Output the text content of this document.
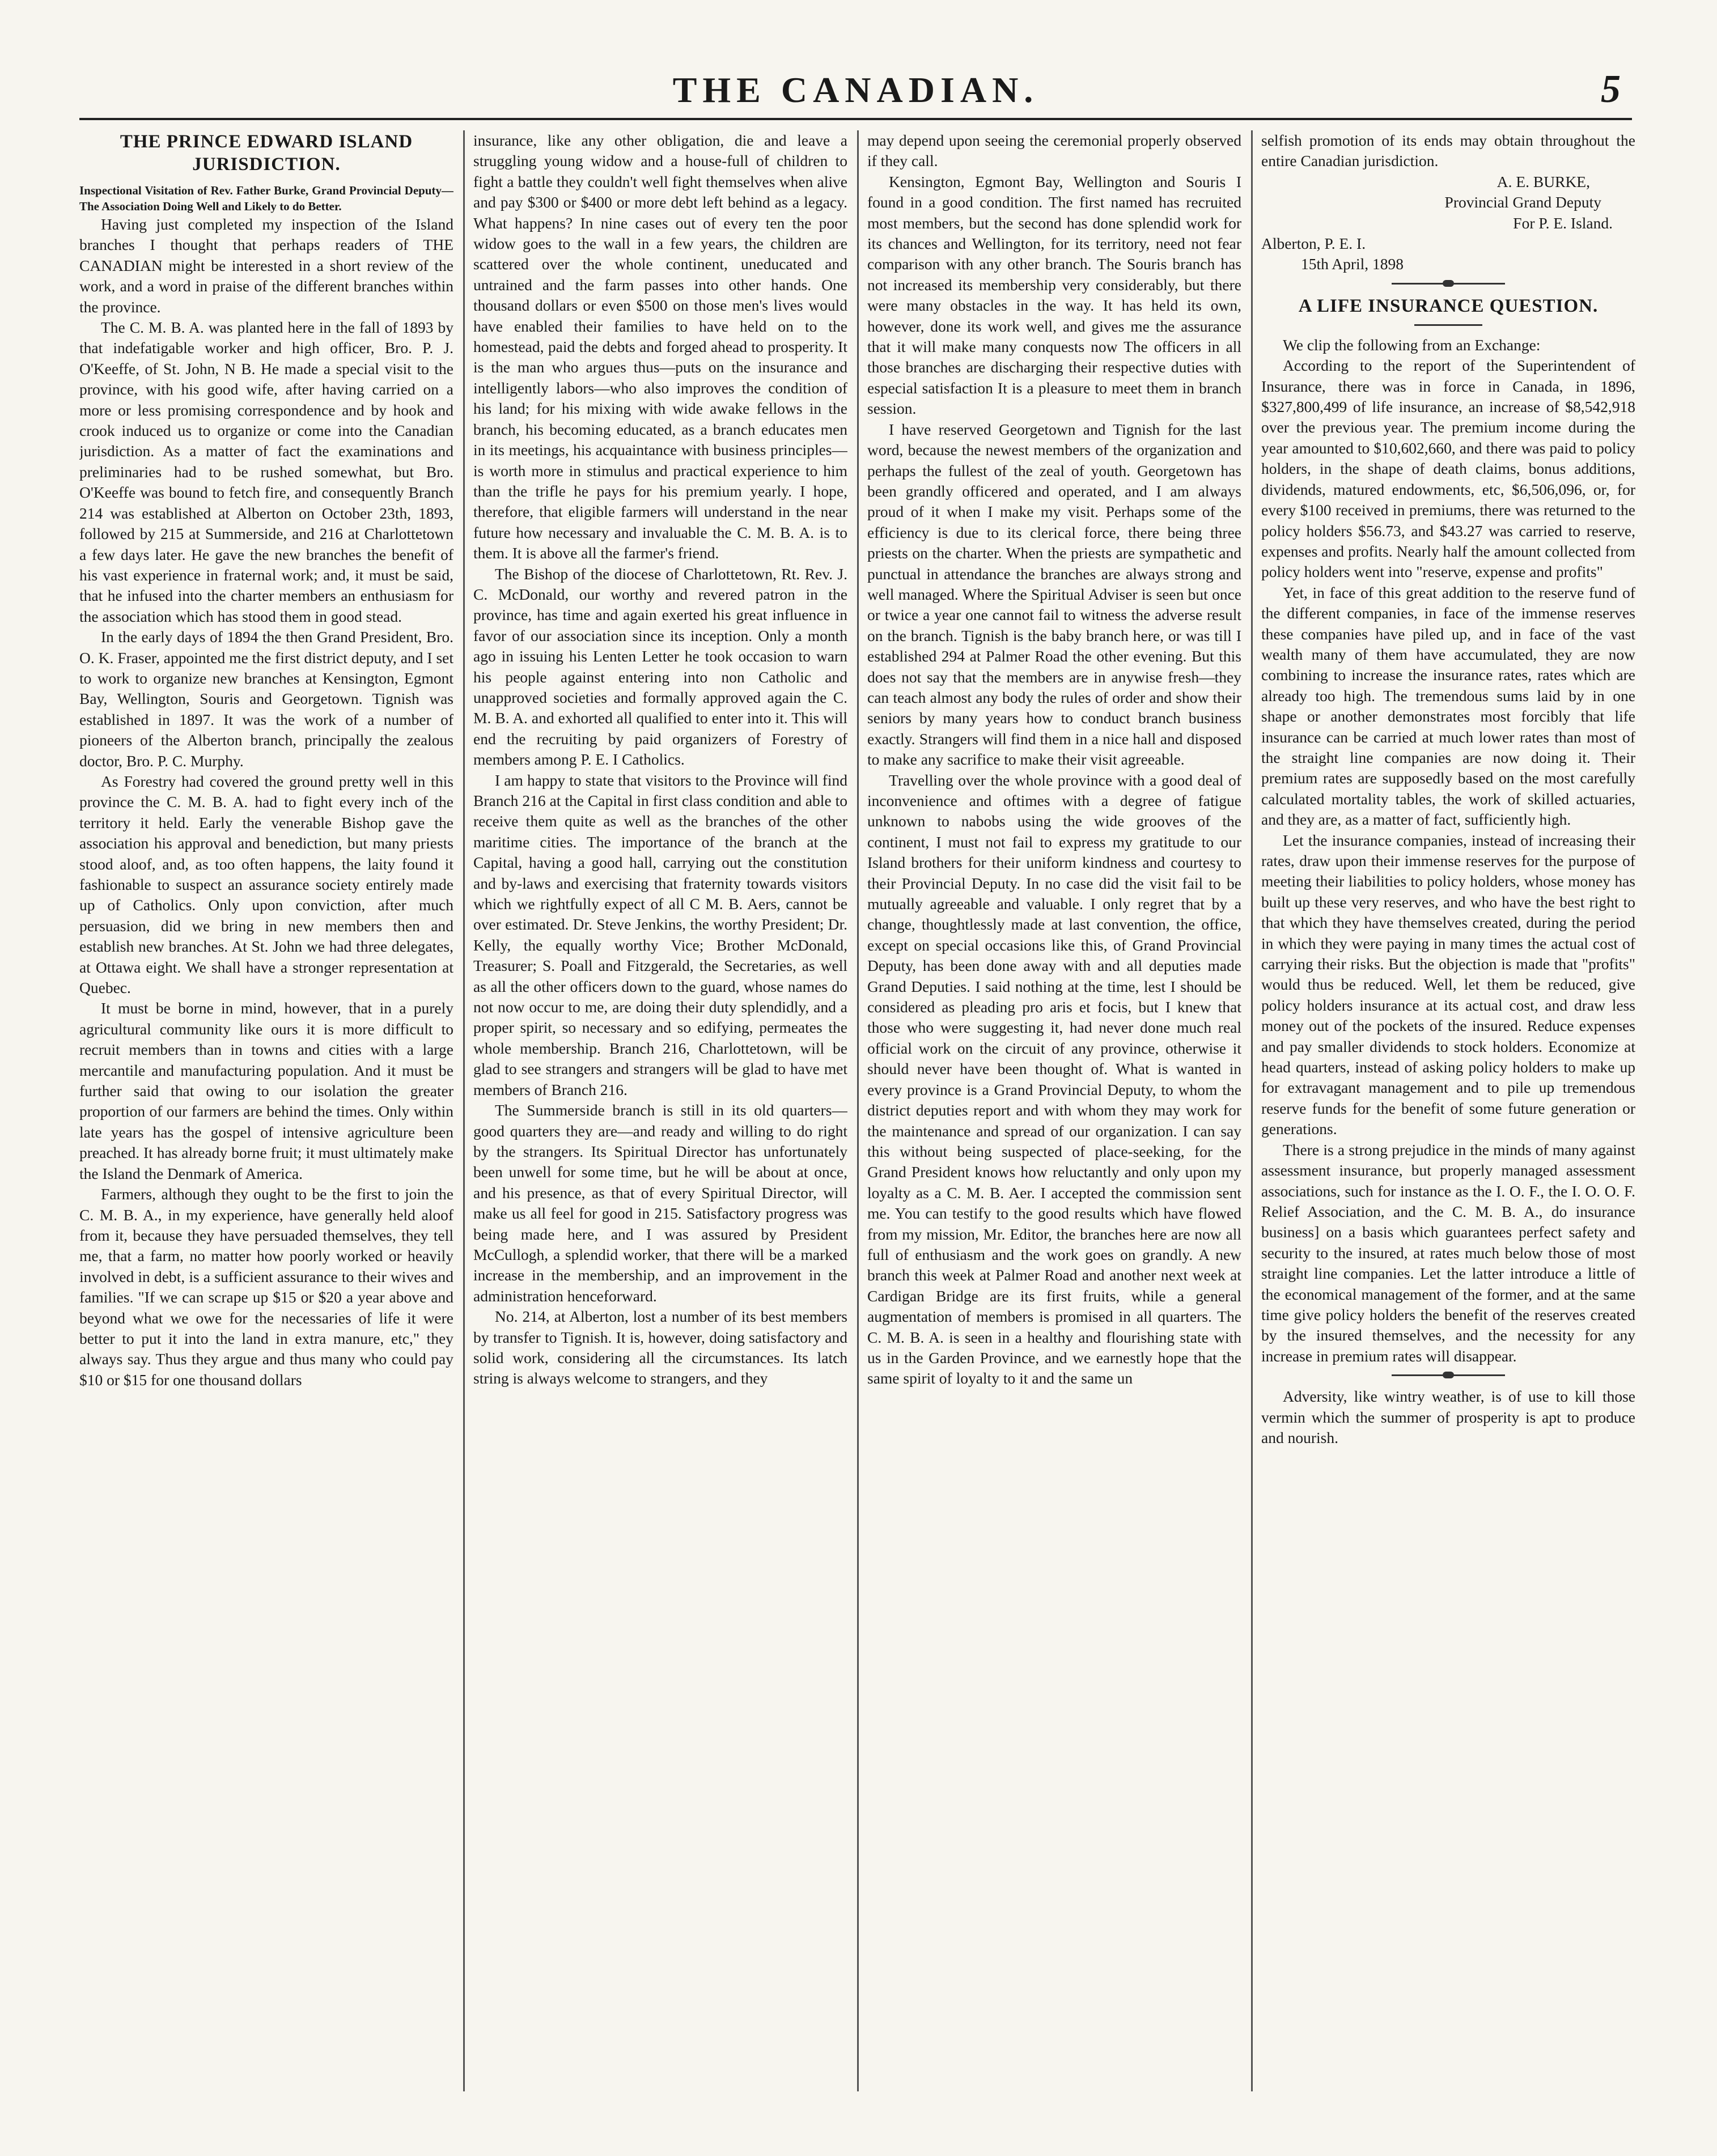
THE CANADIAN.	5
THE PRINCE EDWARD ISLAND JURISDICTION.

Inspectional Visitation of Rev. Father Burke, Grand Provincial Deputy—The Association Doing Well and Likely to do Better.

Having just completed my inspection of the Island branches I thought that perhaps readers of THE CANADIAN might be interested in a short review of the work, and a word in praise of the different branches within the province.

The C. M. B. A. was planted here in the fall of 1893 by that indefatigable worker and high officer, Bro. P. J. O'Keeffe, of St. John, N B. He made a special visit to the province, with his good wife, after having carried on a more or less promising correspondence and by hook and crook induced us to organize or come into the Canadian jurisdiction. As a matter of fact the examinations and preliminaries had to be rushed somewhat, but Bro. O'Keeffe was bound to fetch fire, and consequently Branch 214 was established at Alberton on October 23th, 1893, followed by 215 at Summerside, and 216 at Charlottetown a few days later. He gave the new branches the benefit of his vast experience in fraternal work; and, it must be said, that he infused into the charter members an enthusiasm for the association which has stood them in good stead.

In the early days of 1894 the then Grand President, Bro. O. K. Fraser, appointed me the first district deputy, and I set to work to organize new branches at Kensington, Egmont Bay, Wellington, Souris and Georgetown. Tignish was established in 1897. It was the work of a number of pioneers of the Alberton branch, principally the zealous doctor, Bro. P. C. Murphy.

As Forestry had covered the ground pretty well in this province the C. M. B. A. had to fight every inch of the territory it held. Early the venerable Bishop gave the association his approval and benediction, but many priests stood aloof, and, as too often happens, the laity found it fashionable to suspect an assurance society entirely made up of Catholics. Only upon conviction, after much persuasion, did we bring in new members then and establish new branches. At St. John we had three delegates, at Ottawa eight. We shall have a stronger representation at Quebec.

It must be borne in mind, however, that in a purely agricultural community like ours it is more difficult to recruit members than in towns and cities with a large mercantile and manufacturing population. And it must be further said that owing to our isolation the greater proportion of our farmers are behind the times. Only within late years has the gospel of intensive agriculture been preached. It has already borne fruit; it must ultimately make the Island the Denmark of America.

Farmers, although they ought to be the first to join the C. M. B. A., in my experience, have generally held aloof from it, because they have persuaded themselves, they tell me, that a farm, no matter how poorly worked or heavily involved in debt, is a sufficient assurance to their wives and families. "If we can scrape up $15 or $20 a year above and beyond what we owe for the necessaries of life it were better to put it into the land in extra manure, etc," they always say. Thus they argue and thus many who could pay $10 or $15 for one thousand dollars

insurance, like any other obligation, die and leave a struggling young widow and a house-full of children to fight a battle they couldn't well fight themselves when alive and pay $300 or $400 or more debt left behind as a legacy. What happens? In nine cases out of every ten the poor widow goes to the wall in a few years, the children are scattered over the whole continent, uneducated and untrained and the farm passes into other hands. One thousand dollars or even $500 on those men's lives would have enabled their families to have held on to the homestead, paid the debts and forged ahead to prosperity. It is the man who argues thus—puts on the insurance and intelligently labors—who also improves the condition of his land; for his mixing with wide awake fellows in the branch, his becoming educated, as a branch educates men in its meetings, his acquaintance with business principles—is worth more in stimulus and practical experience to him than the trifle he pays for his premium yearly. I hope, therefore, that eligible farmers will understand in the near future how necessary and invaluable the C. M. B. A. is to them. It is above all the farmer's friend.

The Bishop of the diocese of Charlottetown, Rt. Rev. J. C. McDonald, our worthy and revered patron in the province, has time and again exerted his great influence in favor of our association since its inception. Only a month ago in issuing his Lenten Letter he took occasion to warn his people against entering into non Catholic and unapproved societies and formally approved again the C. M. B. A. and exhorted all qualified to enter into it. This will end the recruiting by paid organizers of Forestry of members among P. E. I Catholics.

I am happy to state that visitors to the Province will find Branch 216 at the Capital in first class condition and able to receive them quite as well as the branches of the other maritime cities. The importance of the branch at the Capital, having a good hall, carrying out the constitution and by-laws and exercising that fraternity towards visitors which we rightfully expect of all C M. B. Aers, cannot be over estimated. Dr. Steve Jenkins, the worthy President; Dr. Kelly, the equally worthy Vice; Brother McDonald, Treasurer; S. Poall and Fitzgerald, the Secretaries, as well as all the other officers down to the guard, whose names do not now occur to me, are doing their duty splendidly, and a proper spirit, so necessary and so edifying, permeates the whole membership. Branch 216, Charlottetown, will be glad to see strangers and strangers will be glad to have met members of Branch 216.

The Summerside branch is still in its old quarters—good quarters they are—and ready and willing to do right by the strangers. Its Spiritual Director has unfortunately been unwell for some time, but he will be about at once, and his presence, as that of every Spiritual Director, will make us all feel for good in 215. Satisfactory progress was being made here, and I was assured by President McCullogh, a splendid worker, that there will be a marked increase in the membership, and an improvement in the administration henceforward.

No. 214, at Alberton, lost a number of its best members by transfer to Tignish. It is, however, doing satisfactory and solid work, considering all the circumstances. Its latch string is always welcome to strangers, and they

may depend upon seeing the ceremonial properly observed if they call.

Kensington, Egmont Bay, Wellington and Souris I found in a good condition. The first named has recruited most members, but the second has done splendid work for its chances and Wellington, for its territory, need not fear comparison with any other branch. The Souris branch has not increased its membership very considerably, but there were many obstacles in the way. It has held its own, however, done its work well, and gives me the assurance that it will make many conquests now The officers in all those branches are discharging their respective duties with especial satisfaction It is a pleasure to meet them in branch session.

I have reserved Georgetown and Tignish for the last word, because the newest members of the organization and perhaps the fullest of the zeal of youth. Georgetown has been grandly officered and operated, and I am always proud of it when I make my visit. Perhaps some of the efficiency is due to its clerical force, there being three priests on the charter. When the priests are sympathetic and punctual in attendance the branches are always strong and well managed. Where the Spiritual Adviser is seen but once or twice a year one cannot fail to witness the adverse result on the branch. Tignish is the baby branch here, or was till I established 294 at Palmer Road the other evening. But this does not say that the members are in anywise fresh—they can teach almost any body the rules of order and show their seniors by many years how to conduct branch business exactly. Strangers will find them in a nice hall and disposed to make any sacrifice to make their visit agreeable.

Travelling over the whole province with a good deal of inconvenience and oftimes with a degree of fatigue unknown to nabobs using the wide grooves of the continent, I must not fail to express my gratitude to our Island brothers for their uniform kindness and courtesy to their Provincial Deputy. In no case did the visit fail to be mutually agreeable and valuable. I only regret that by a change, thoughtlessly made at last convention, the office, except on special occasions like this, of Grand Provincial Deputy, has been done away with and all deputies made Grand Deputies. I said nothing at the time, lest I should be considered as pleading pro aris et focis, but I knew that those who were suggesting it, had never done much real official work on the circuit of any province, otherwise it should never have been thought of. What is wanted in every province is a Grand Provincial Deputy, to whom the district deputies report and with whom they may work for the maintenance and spread of our organization. I can say this without being suspected of place-seeking, for the Grand President knows how reluctantly and only upon my loyalty as a C. M. B. Aer. I accepted the commission sent me. You can testify to the good results which have flowed from my mission, Mr. Editor, the branches here are now all full of enthusiasm and the work goes on grandly. A new branch this week at Palmer Road and another next week at Cardigan Bridge are its first fruits, while a general augmentation of members is promised in all quarters. The C. M. B. A. is seen in a healthy and flourishing state with us in the Garden Province, and we earnestly hope that the same spirit of loyalty to it and the same un

selfish promotion of its ends may obtain throughout the entire Canadian jurisdiction.

A. E. BURKE,

Provincial Grand Deputy

For P. E. Island.

Alberton, P. E. I.

15th April, 1898

A LIFE INSURANCE QUESTION.

We clip the following from an Exchange:

According to the report of the Superintendent of Insurance, there was in force in Canada, in 1896, $327,800,499 of life insurance, an increase of $8,542,918 over the previous year. The premium income during the year amounted to $10,602,660, and there was paid to policy holders, in the shape of death claims, bonus additions, dividends, matured endowments, etc, $6,506,096, or, for every $100 received in premiums, there was returned to the policy holders $56.73, and $43.27 was carried to reserve, expenses and profits. Nearly half the amount collected from policy holders went into "reserve, expense and profits"

Yet, in face of this great addition to the reserve fund of the different companies, in face of the immense reserves these companies have piled up, and in face of the vast wealth many of them have accumulated, they are now combining to increase the insurance rates, rates which are already too high. The tremendous sums laid by in one shape or another demonstrates most forcibly that life insurance can be carried at much lower rates than most of the straight line companies are now doing it. Their premium rates are supposedly based on the most carefully calculated mortality tables, the work of skilled actuaries, and they are, as a matter of fact, sufficiently high.

Let the insurance companies, instead of increasing their rates, draw upon their immense reserves for the purpose of meeting their liabilities to policy holders, whose money has built up these very reserves, and who have the best right to that which they have themselves created, during the period in which they were paying in many times the actual cost of carrying their risks. But the objection is made that "profits" would thus be reduced. Well, let them be reduced, give policy holders insurance at its actual cost, and draw less money out of the pockets of the insured. Reduce expenses and pay smaller dividends to stock holders. Economize at head quarters, instead of asking policy holders to make up for extravagant management and to pile up tremendous reserve funds for the benefit of some future generation or generations.

There is a strong prejudice in the minds of many against assessment insurance, but properly managed assessment associations, such for instance as the I. O. F., the I. O. O. F. Relief Association, and the C. M. B. A., do insurance business] on a basis which guarantees perfect safety and security to the insured, at rates much below those of most straight line companies. Let the latter introduce a little of the economical management of the former, and at the same time give policy holders the benefit of the reserves created by the insured themselves, and the necessity for any increase in premium rates will disappear.

Adversity, like wintry weather, is of use to kill those vermin which the summer of prosperity is apt to produce and nourish.
